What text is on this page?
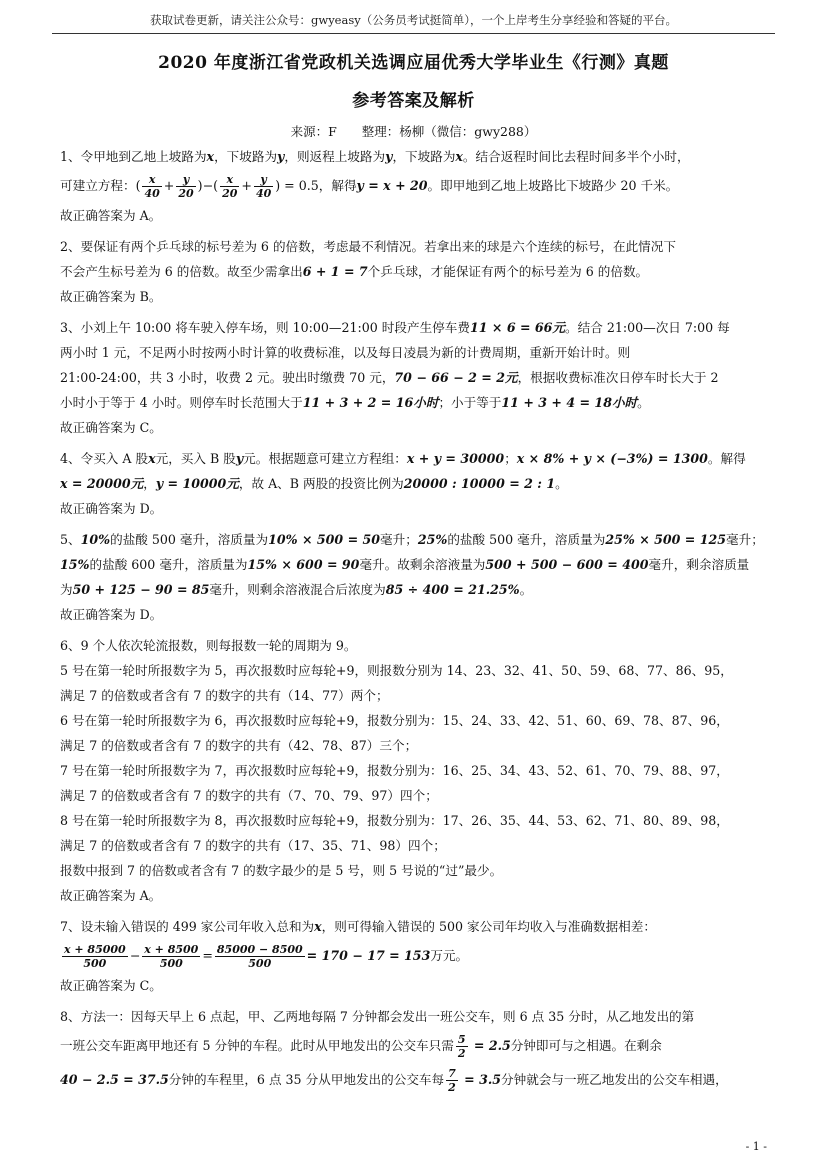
获取试卷更新，请关注公众号：gwyeasy（公务员考试挺简单），一个上岸考生分享经验和答疑的平台。
2020 年度浙江省党政机关选调应届优秀大学毕业生《行测》真题
参考答案及解析
来源：F　　整理：杨柳（微信：gwy288）
1、令甲地到乙地上坡路为x，下坡路为y，则返程上坡路为y，下坡路为x。结合返程时间比去程时间多半个小时，
可建立方程：( $\frac{x}{40} + \frac{y}{20}$ )−( $\frac{x}{20} + \frac{y}{40}$ ) = 0.5，解得y = x + 20。即甲地到乙地上坡路比下坡路少 20 千米。
故正确答案为 A。
2、要保证有两个乒乓球的标号差为 6 的倍数，考虑最不利情况。若拿出来的球是六个连续的标号，在此情况下
不会产生标号差为 6 的倍数。故至少需拿出6 + 1 = 7个乒乓球，才能保证有两个的标号差为 6 的倍数。
故正确答案为 B。
3、小刘上午 10:00 将车驶入停车场，则 10:00—21:00 时段产生停车费11 × 6 = 66元。结合 21:00—次日 7:00 每
两小时 1 元，不足两小时按两小时计算的收费标准，以及每日凌晨为新的计费周期，重新开始计时。则
21:00-24:00，共 3 小时，收费 2 元。驶出时缴费 70 元，70 − 66 − 2 = 2元，根据收费标准次日停车时长大于 2
小时小于等于 4 小时。则停车时长范围大于11 + 3 + 2 = 16小时；小于等于11 + 3 + 4 = 18小时。
故正确答案为 C。
4、令买入 A 股x元，买入 B 股y元。根据题意可建立方程组：x + y = 30000；x × 8% + y × (−3%) = 1300。解得
x = 20000元，y = 10000元，故 A、B 两股的投资比例为20000 : 10000 = 2 : 1。
故正确答案为 D。
5、10%的盐酸 500 毫升，溶质量为10% × 500 = 50毫升；25%的盐酸 500 毫升，溶质量为25% × 500 = 125毫升；
15%的盐酸 600 毫升，溶质量为15% × 600 = 90毫升。故剩余溶液量为500 + 500 − 600 = 400毫升，剩余溶质量
为50 + 125 − 90 = 85毫升，则剩余溶液混合后浓度为85 ÷ 400 = 21.25%。
故正确答案为 D。
6、9 个人依次轮流报数，则每报数一轮的周期为 9。
5 号在第一轮时所报数字为 5，再次报数时应每轮+9，则报数分别为 14、23、32、41、50、59、68、77、86、95，
满足 7 的倍数或者含有 7 的数字的共有（14、77）两个；
6 号在第一轮时所报数字为 6，再次报数时应每轮+9，报数分别为：15、24、33、42、51、60、69、78、87、96，
满足 7 的倍数或者含有 7 的数字的共有（42、78、87）三个；
7 号在第一轮时所报数字为 7，再次报数时应每轮+9，报数分别为：16、25、34、43、52、61、70、79、88、97，
满足 7 的倍数或者含有 7 的数字的共有（7、70、79、97）四个；
8 号在第一轮时所报数字为 8，再次报数时应每轮+9，报数分别为：17、26、35、44、53、62、71、80、89、98，
满足 7 的倍数或者含有 7 的数字的共有（17、35、71、98）四个；
报数中报到 7 的倍数或者含有 7 的数字最少的是 5 号，则 5 号说的“过”最少。
故正确答案为 A。
7、设未输入错误的 499 家公司年收入总和为x，则可得输入错误的 500 家公司年均收入与准确数据相差：
$\frac{x + 85000}{500} - \frac{x + 8500}{500} = \frac{85000 - 8500}{500} = 170 - 17 = 153$万元。
故正确答案为 C。
8、方法一：因每天早上 6 点起，甲、乙两地每隔 7 分钟都会发出一班公交车，则 6 点 35 分时，从乙地发出的第
一班公交车距离甲地还有 5 分钟的车程。此时从甲地发出的公交车只需 $\frac{5}{2} = 2.5$分钟即可与之相遇。在剩余
40 − 2.5 = 37.5分钟的车程里，6 点 35 分从甲地发出的公交车每 $\frac{7}{2} = 3.5$分钟就会与一班乙地发出的公交车相遇，
- 1 -
